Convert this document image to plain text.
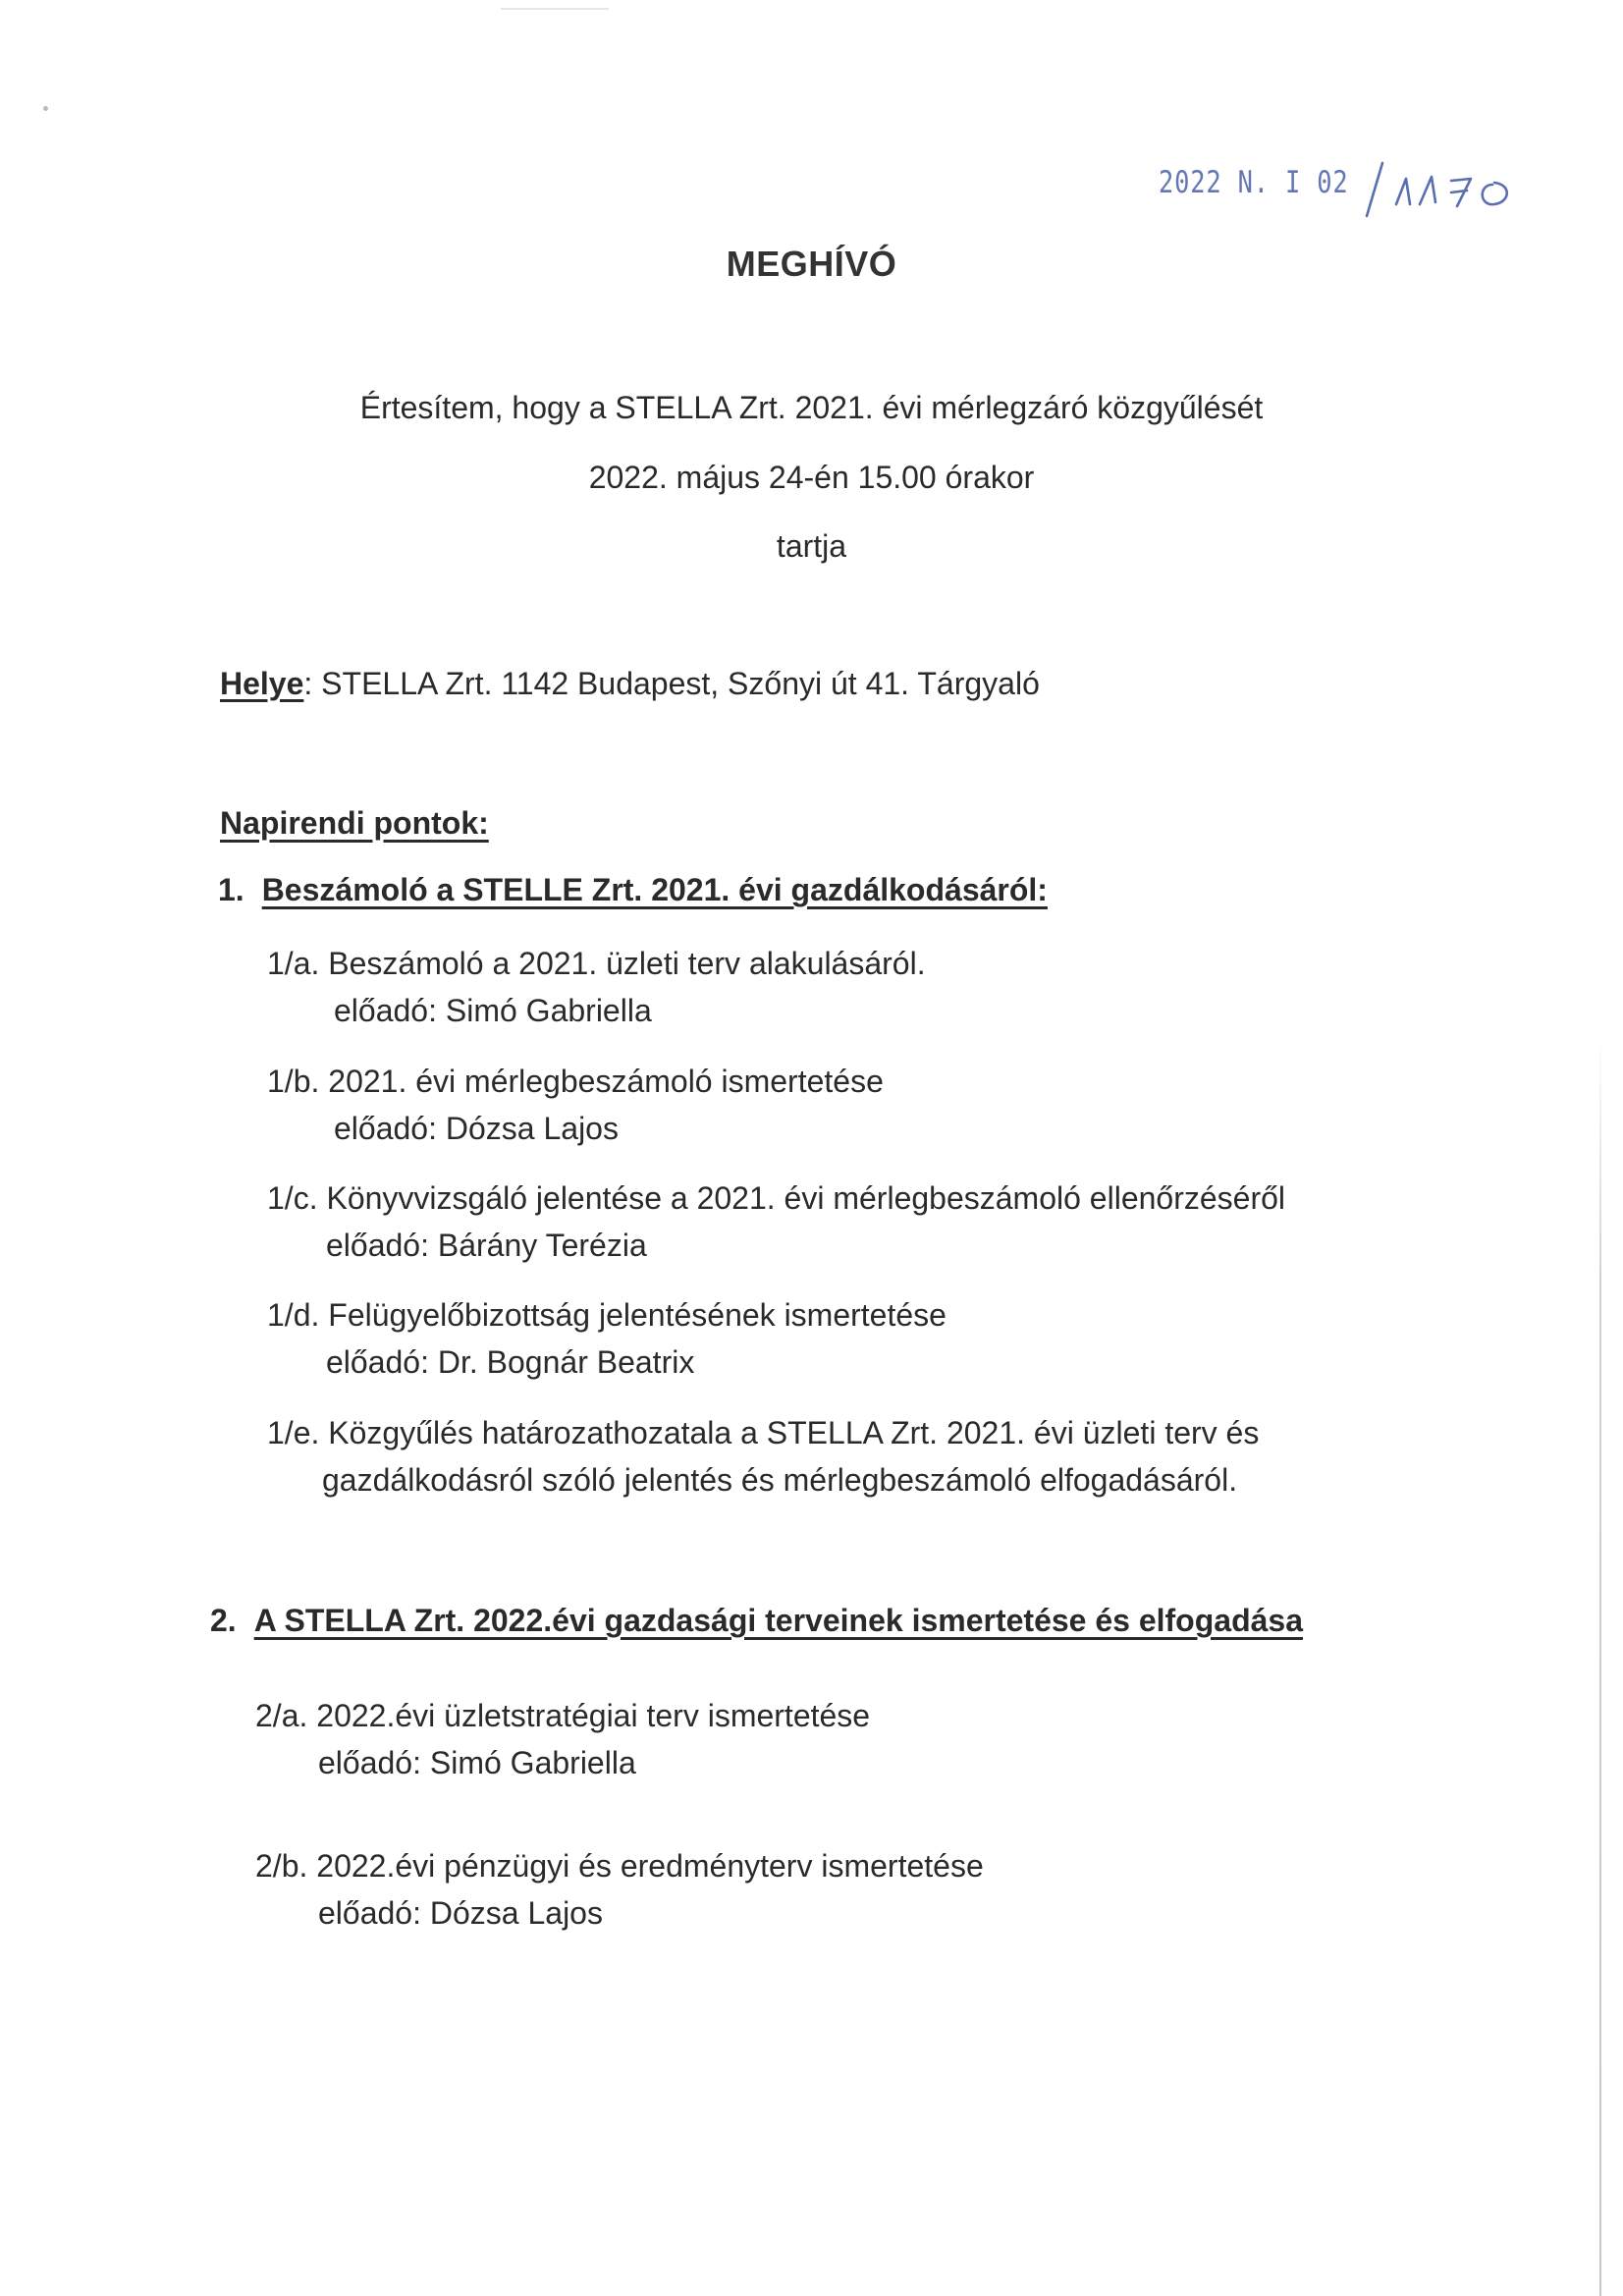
2022 N. I 02
MEGHÍVÓ
Értesítem, hogy a STELLA Zrt. 2021. évi mérlegzáró közgyűlését
2022. május 24-én 15.00 órakor
tartja
Helye: STELLA Zrt. 1142 Budapest, Szőnyi út 41. Tárgyaló
Napirendi pontok:
1. Beszámoló a STELLE Zrt. 2021. évi gazdálkodásáról:
1/a. Beszámoló a 2021. üzleti terv alakulásáról.
előadó: Simó Gabriella
1/b. 2021. évi mérlegbeszámoló ismertetése
előadó: Dózsa Lajos
1/c. Könyvvizsgáló jelentése a 2021. évi mérlegbeszámoló ellenőrzéséről
előadó: Bárány Terézia
1/d. Felügyelőbizottság jelentésének ismertetése
előadó: Dr. Bognár Beatrix
1/e. Közgyűlés határozathozatala a STELLA Zrt. 2021. évi üzleti terv és
gazdálkodásról szóló jelentés és mérlegbeszámoló elfogadásáról.
2. A STELLA Zrt. 2022.évi gazdasági terveinek ismertetése és elfogadása
2/a. 2022.évi üzletstratégiai terv ismertetése
előadó: Simó Gabriella
2/b. 2022.évi pénzügyi és eredményterv ismertetése
előadó: Dózsa Lajos
